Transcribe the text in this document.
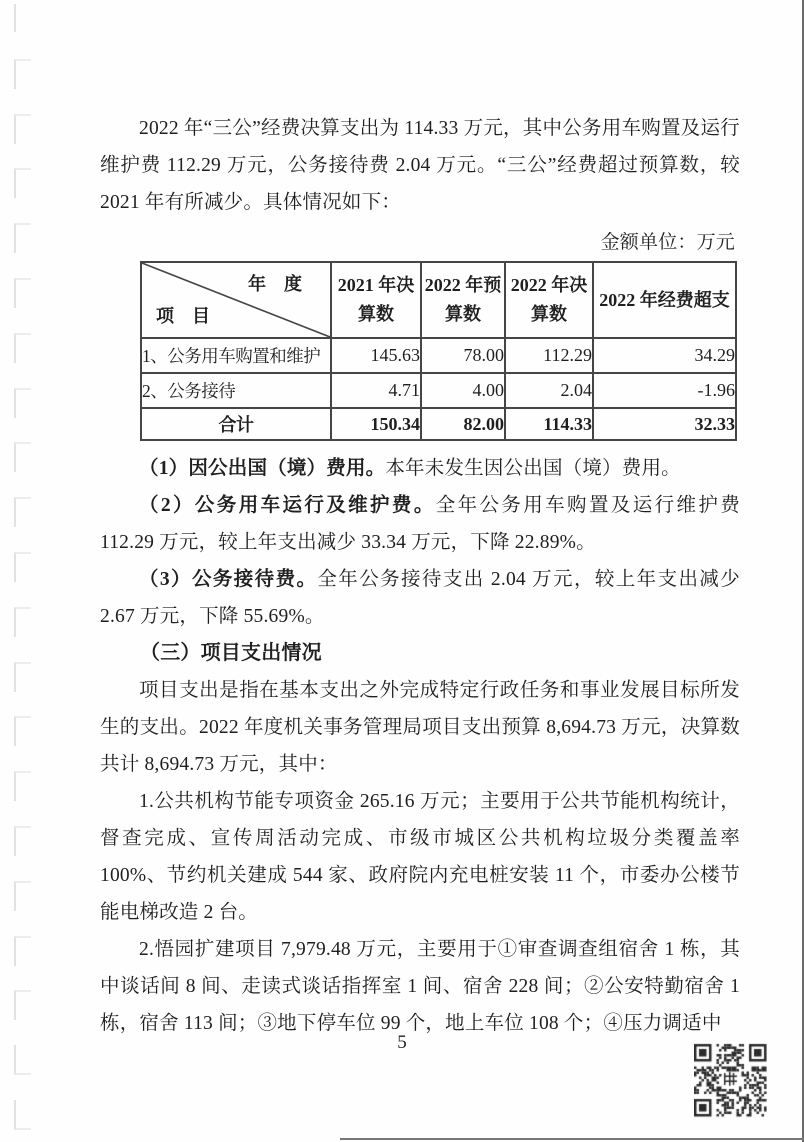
2022 年“三公”经费决算支出为 114.33 万元，其中公务用车购置及运行维护费 112.29 万元，公务接待费 2.04 万元。“三公”经费超过预算数，较 2021 年有所减少。具体情况如下：

金额单位：万元
年　度
项　目	2021 年决算数	2022 年预算数	2022 年决算数	2022 年经费超支
1、公务用车购置和维护	145.63	78.00	112.29	34.29
2、公务接待	4.71	4.00	2.04	-1.96
合计	150.34	82.00	114.33	32.33

（1）因公出国（境）费用。本年未发生因公出国（境）费用。

（2）公务用车运行及维护费。全年公务用车购置及运行维护费 112.29 万元，较上年支出减少 33.34 万元，下降 22.89%。

（3）公务接待费。全年公务接待支出 2.04 万元，较上年支出减少 2.67 万元，下降 55.69%。

（三）项目支出情况

项目支出是指在基本支出之外完成特定行政任务和事业发展目标所发生的支出。2022 年度机关事务管理局项目支出预算 8,694.73 万元，决算数共计 8,694.73 万元，其中：

1.公共机构节能专项资金 265.16 万元；主要用于公共节能机构统计，督查完成、宣传周活动完成、市级市城区公共机构垃圾分类覆盖率 100%、节约机关建成 544 家、政府院内充电桩安装 11 个，市委办公楼节能电梯改造 2 台。

2.悟园扩建项目 7,979.48 万元，主要用于①审查调查组宿舍 1 栋，其中谈话间 8 间、走读式谈话指挥室 1 间、宿舍 228 间；②公安特勤宿舍 1 栋，宿舍 113 间；③地下停车位 99 个，地上车位 108 个；④压力调适中

5
